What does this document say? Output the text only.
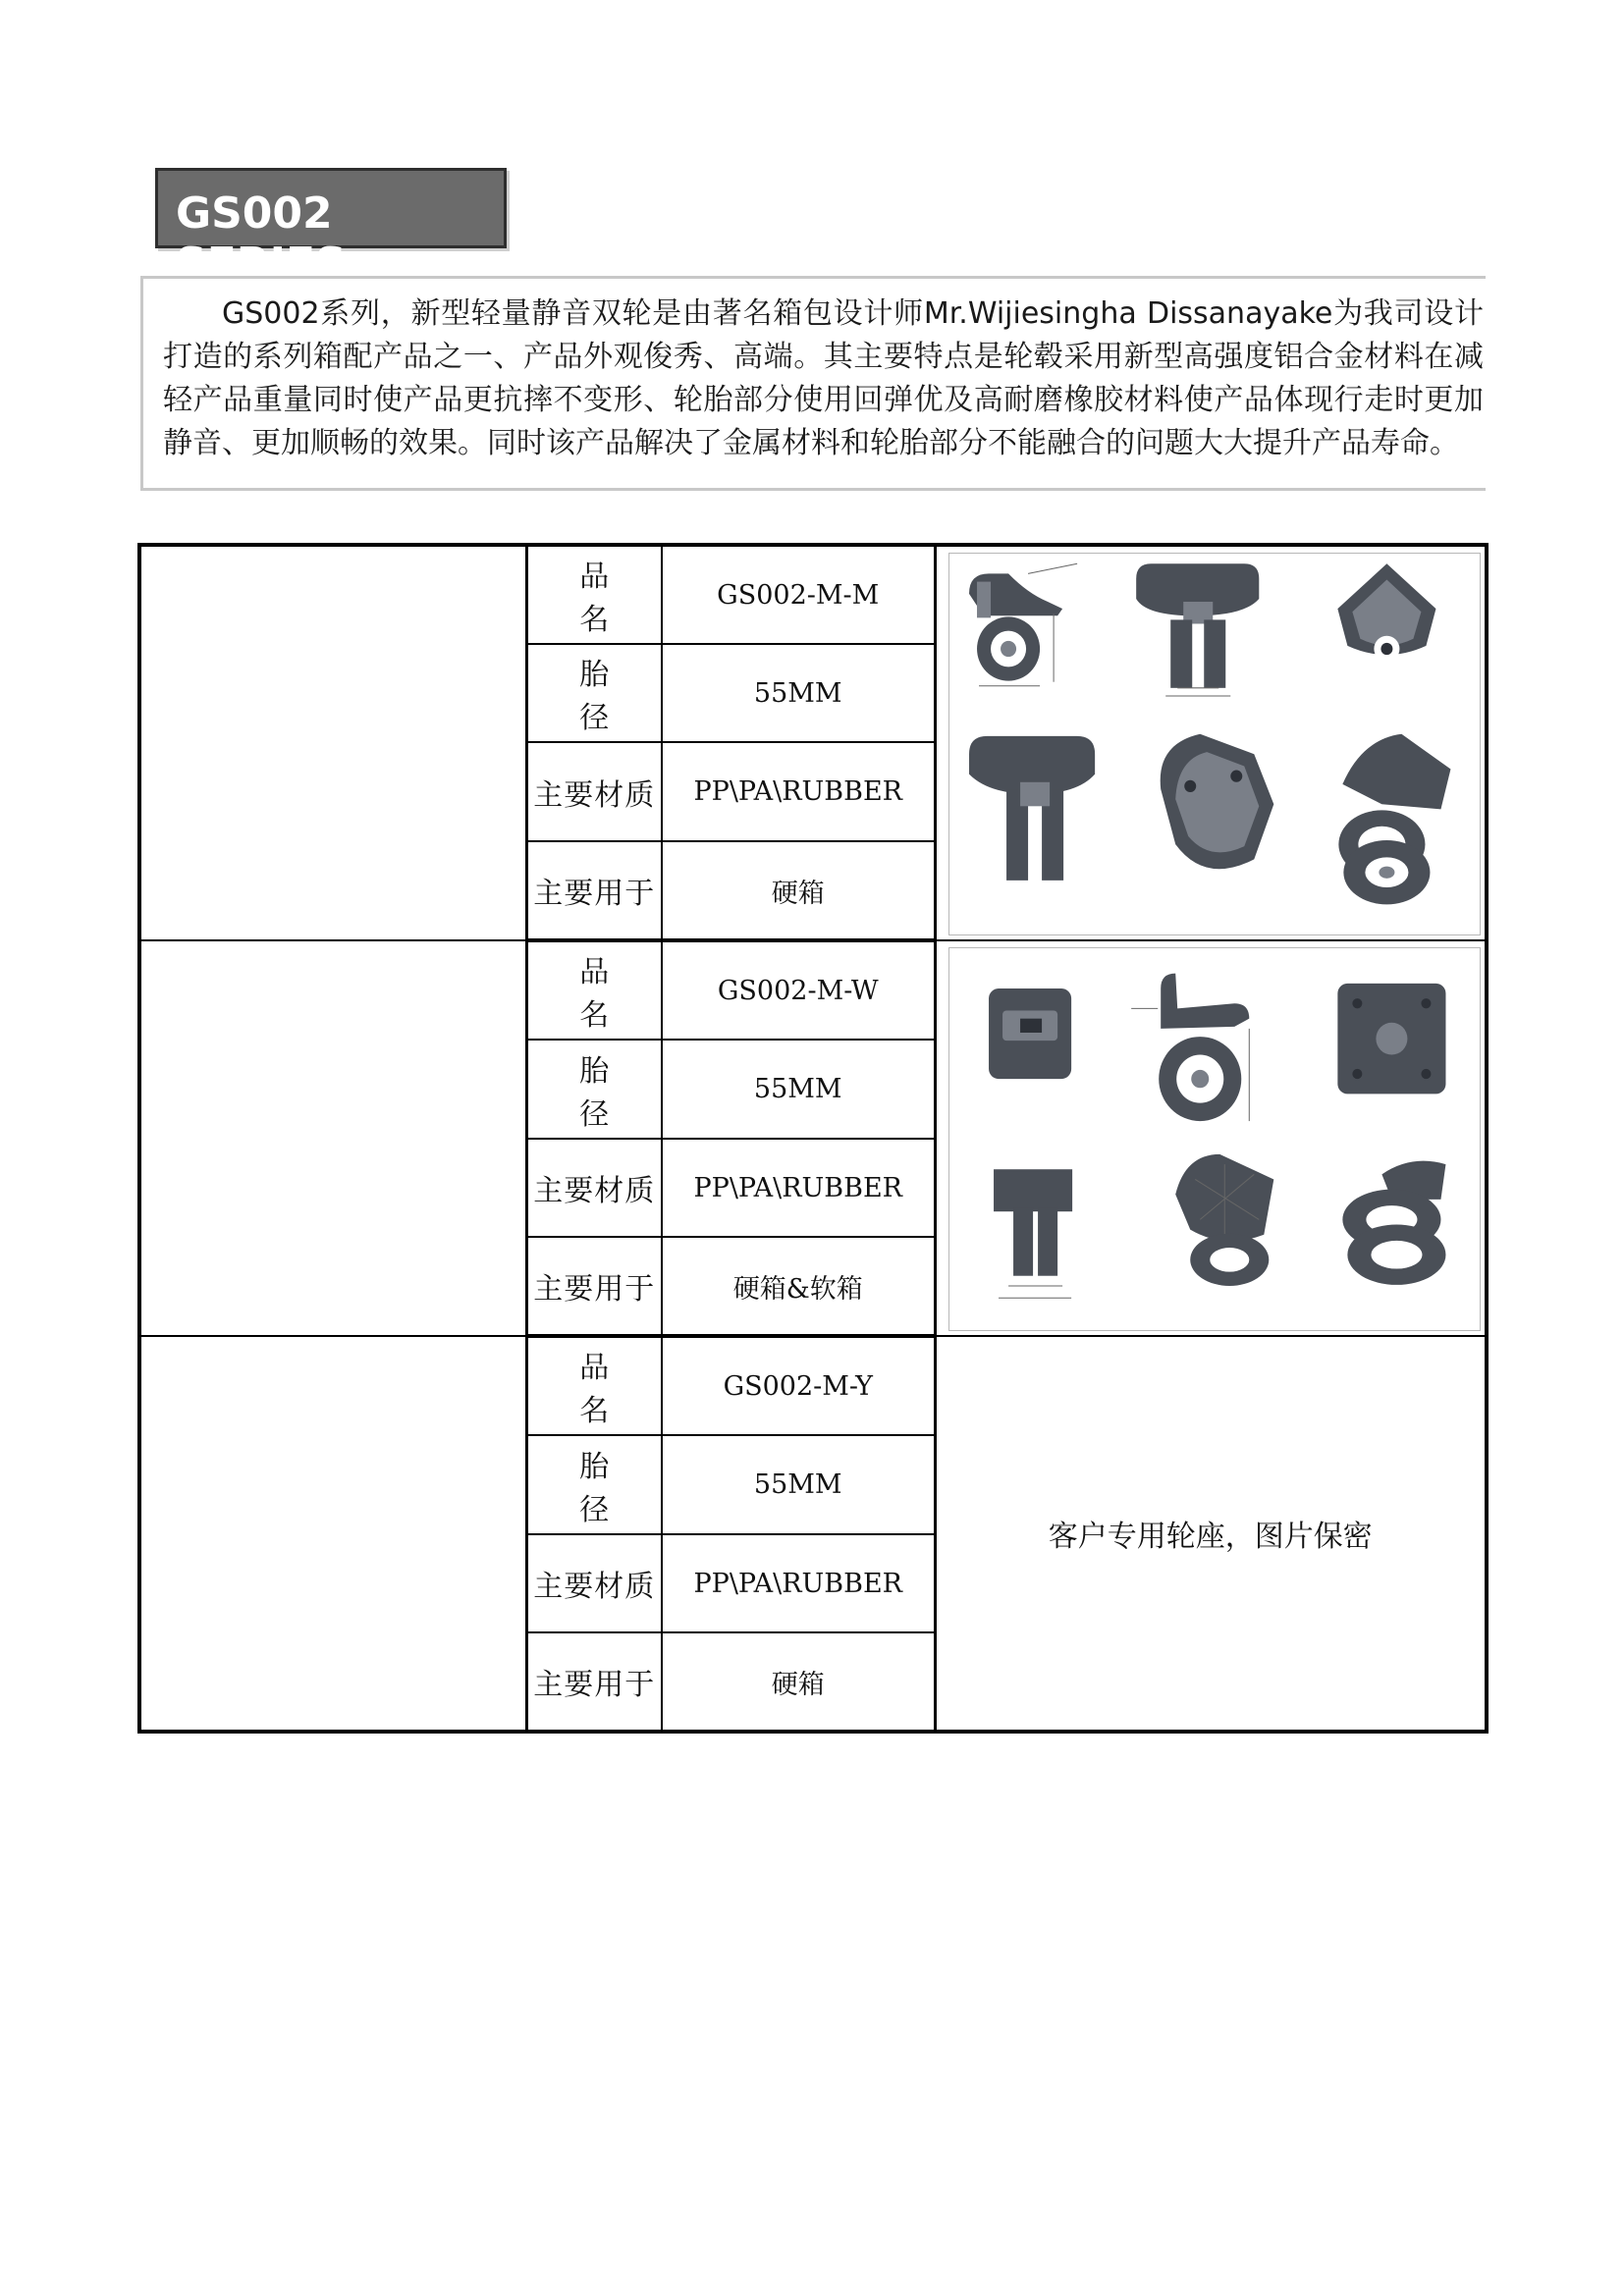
GS002 SERIES

GS002系列，新型轻量静音双轮是由著名箱包设计师Mr.Wijiesingha Dissanayake为我司设计打造的系列箱配产品之一、产品外观俊秀、高端。其主要特点是轮毂采用新型高强度铝合金材料在减轻产品重量同时使产品更抗摔不变形、轮胎部分使用回弹优及高耐磨橡胶材料使产品体现行走时更加静音、更加顺畅的效果。同时该产品解决了金属材料和轮胎部分不能融合的问题大大提升产品寿命。

	品名	GS002-M-M	

	胎径	55MM	
	主要材质	PP\PA\RUBBER	
	主要用于	硬箱	
	品名	GS002-M-W	

	胎径	55MM	
	主要材质	PP\PA\RUBBER	
	主要用于	硬箱&软箱	
	品名	GS002-M-Y	客户专用轮座，图片保密
	胎径	55MM	
	主要材质	PP\PA\RUBBER	
	主要用于	硬箱	
